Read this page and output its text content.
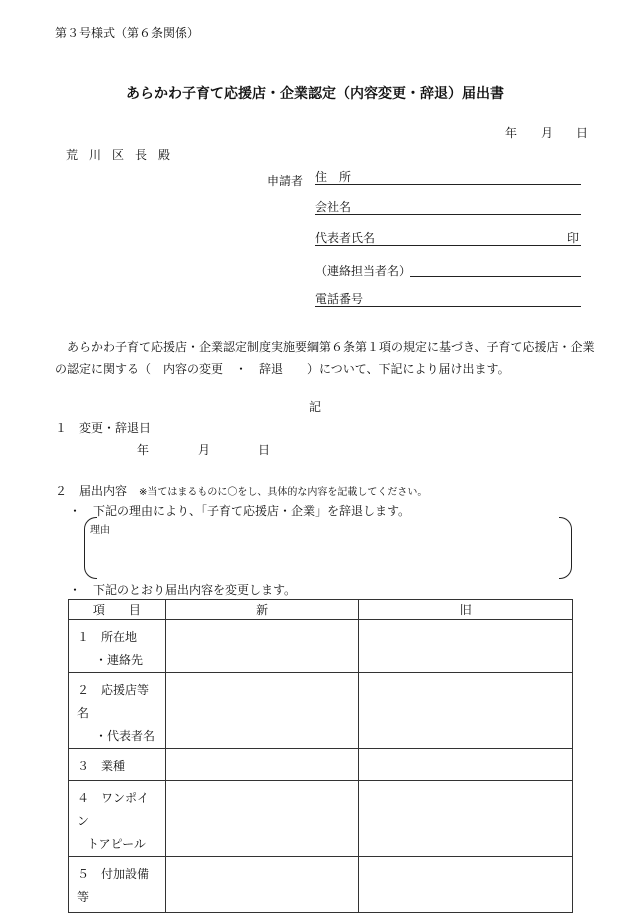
第３号様式（第６条関係）
あらかわ子育て応援店・企業認定（内容変更・辞退）届出書
年 月 日
荒川区長殿
申請者 住　所
会社名
代表者氏名	印
（連絡担当者名）
電話番号
あらかわ子育て応援店・企業認定制度実施要綱第６条第１項の規定に基づき、子育て応援店・企業
の認定に関する（　内容の変更　・　辞退　　）について、下記により届け出ます。
記
１ 変更・辞退日
年	月	日
２ 届出内容 ※当てはまるものに〇をし、具体的な内容を記載してください。
・　下記の理由により、「子育て応援店・企業」を辞退します。
理由
・　下記のとおり届出内容を変更します。
項　　目	新	旧

１　所在地
・連絡先		

２　応援店等名
・代表者名		

３　業種		

４　ワンポイン
トアピール		

５　付加設備等		
